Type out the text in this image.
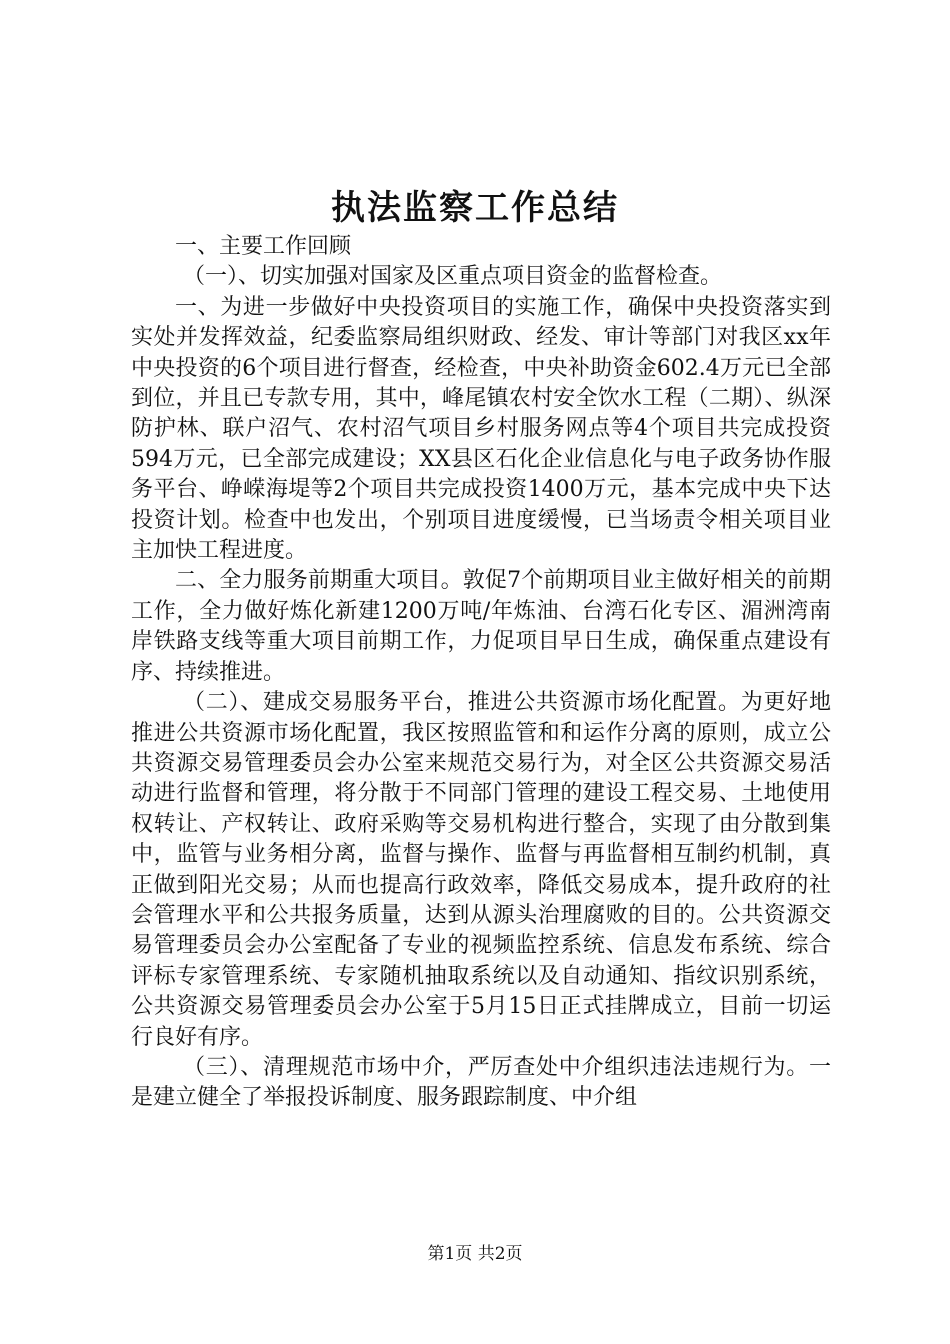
执法监察工作总结

一、主要工作回顾

（一）、切实加强对国家及区重点项目资金的监督检查。

一、为进一步做好中央投资项目的实施工作，确保中央投资落实到实处并发挥效益，纪委监察局组织财政、经发、审计等部门对我区xx年中央投资的6个项目进行督查，经检查，中央补助资金602.4万元已全部到位，并且已专款专用，其中，峰尾镇农村安全饮水工程（二期）、纵深防护林、联户沼气、农村沼气项目乡村服务网点等4个项目共完成投资594万元，已全部完成建设；XX县区石化企业信息化与电子政务协作服务平台、峥嵘海堤等2个项目共完成投资1400万元，基本完成中央下达投资计划。检查中也发出，个别项目进度缓慢，已当场责令相关项目业主加快工程进度。

二、全力服务前期重大项目。敦促7个前期项目业主做好相关的前期工作，全力做好炼化新建1200万吨/年炼油、台湾石化专区、湄洲湾南岸铁路支线等重大项目前期工作，力促项目早日生成，确保重点建设有序、持续推进。

（二）、建成交易服务平台，推进公共资源市场化配置。为更好地推进公共资源市场化配置，我区按照监管和和运作分离的原则，成立公共资源交易管理委员会办公室来规范交易行为，对全区公共资源交易活动进行监督和管理，将分散于不同部门管理的建设工程交易、土地使用权转让、产权转让、政府采购等交易机构进行整合，实现了由分散到集中，监管与业务相分离，监督与操作、监督与再监督相互制约机制，真正做到阳光交易；从而也提高行政效率，降低交易成本，提升政府的社会管理水平和公共报务质量，达到从源头治理腐败的目的。公共资源交易管理委员会办公室配备了专业的视频监控系统、信息发布系统、综合评标专家管理系统、专家随机抽取系统以及自动通知、指纹识别系统，公共资源交易管理委员会办公室于5月15日正式挂牌成立，目前一切运行良好有序。

（三）、清理规范市场中介，严厉查处中介组织违法违规行为。一是建立健全了举报投诉制度、服务跟踪制度、中介组

第1页 共2页
